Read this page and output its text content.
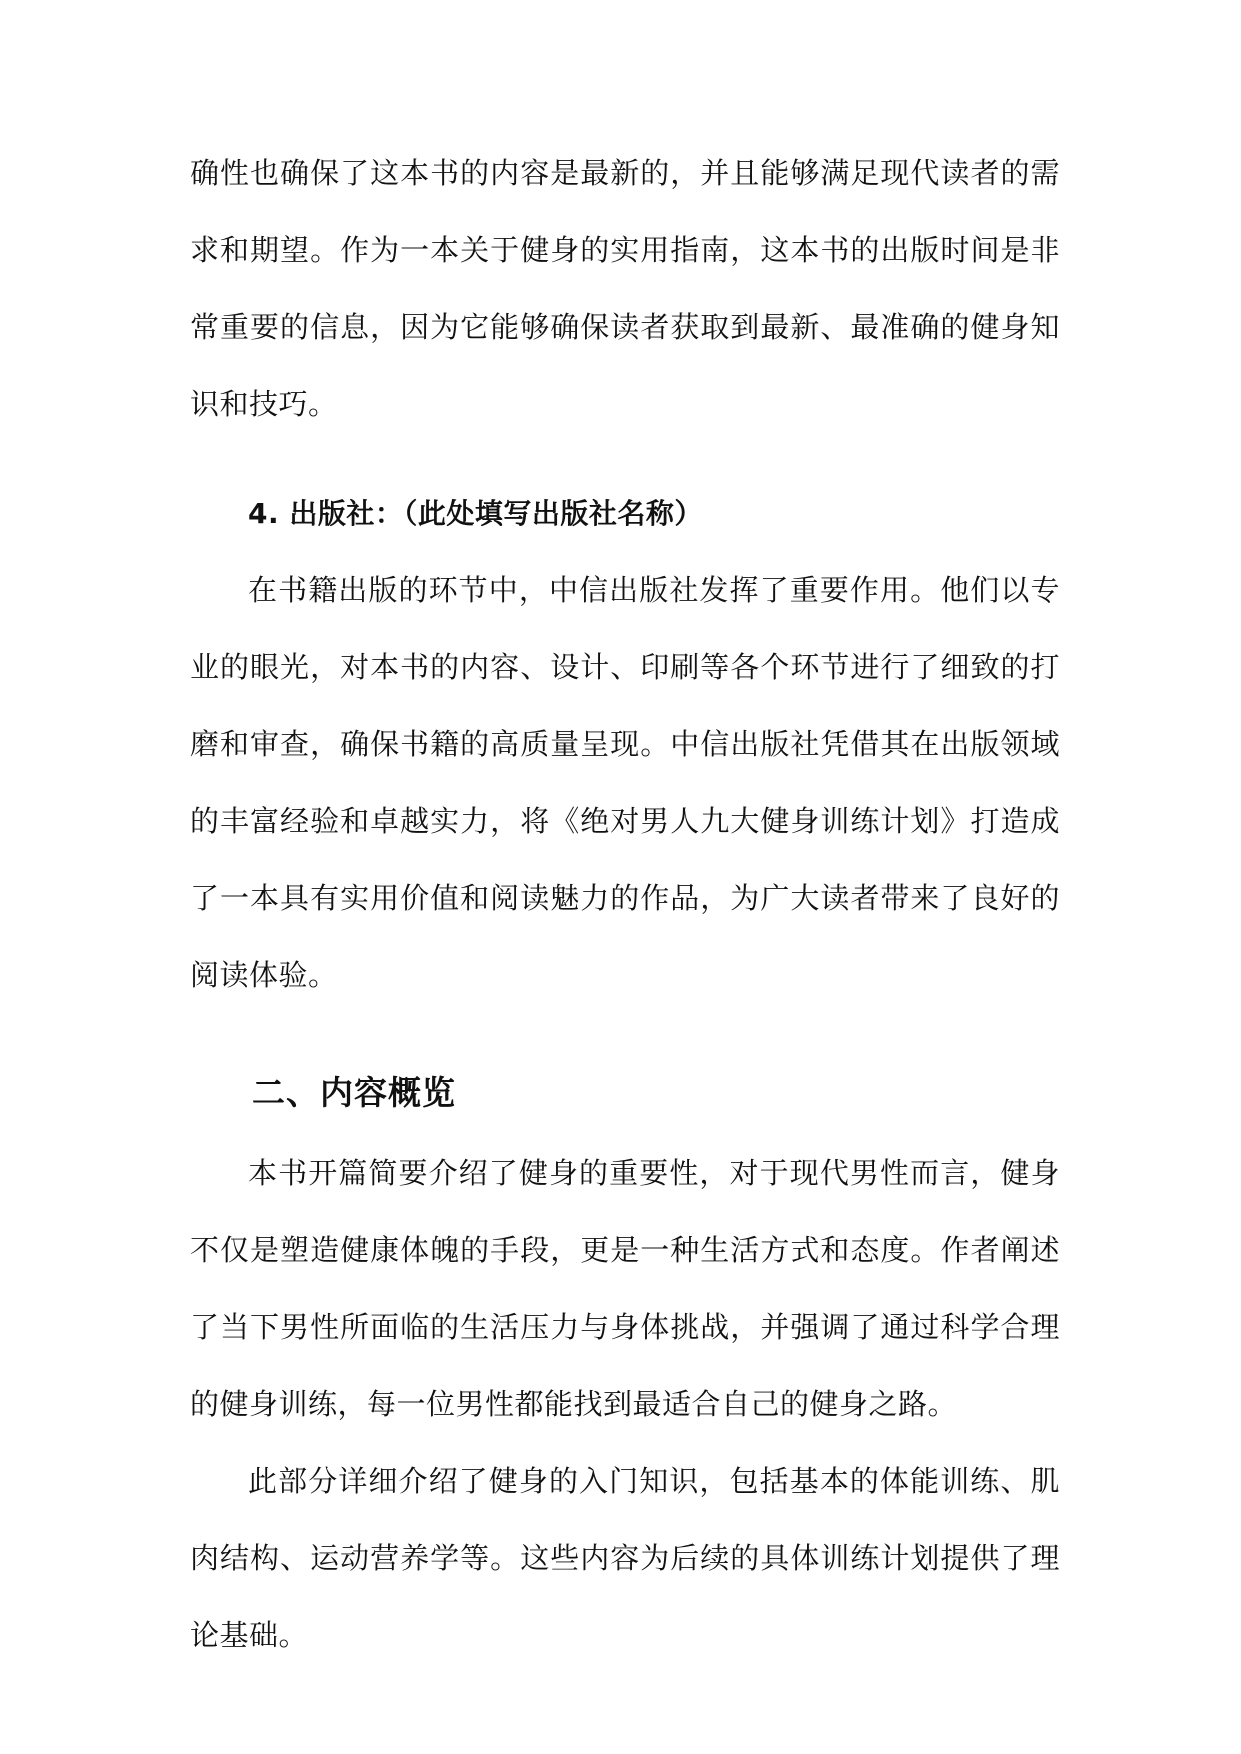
确性也确保了这本书的内容是最新的，并且能够满足现代读者的需求和期望。作为一本关于健身的实用指南，这本书的出版时间是非常重要的信息，因为它能够确保读者获取到最新、最准确的健身知识和技巧。

4. 出版社：（此处填写出版社名称）

在书籍出版的环节中，中信出版社发挥了重要作用。他们以专业的眼光，对本书的内容、设计、印刷等各个环节进行了细致的打磨和审查，确保书籍的高质量呈现。中信出版社凭借其在出版领域的丰富经验和卓越实力，将《绝对男人九大健身训练计划》打造成了一本具有实用价值和阅读魅力的作品，为广大读者带来了良好的阅读体验。

二、内容概览

本书开篇简要介绍了健身的重要性，对于现代男性而言，健身不仅是塑造健康体魄的手段，更是一种生活方式和态度。作者阐述了当下男性所面临的生活压力与身体挑战，并强调了通过科学合理的健身训练，每一位男性都能找到最适合自己的健身之路。

此部分详细介绍了健身的入门知识，包括基本的体能训练、肌肉结构、运动营养学等。这些内容为后续的具体训练计划提供了理论基础。
